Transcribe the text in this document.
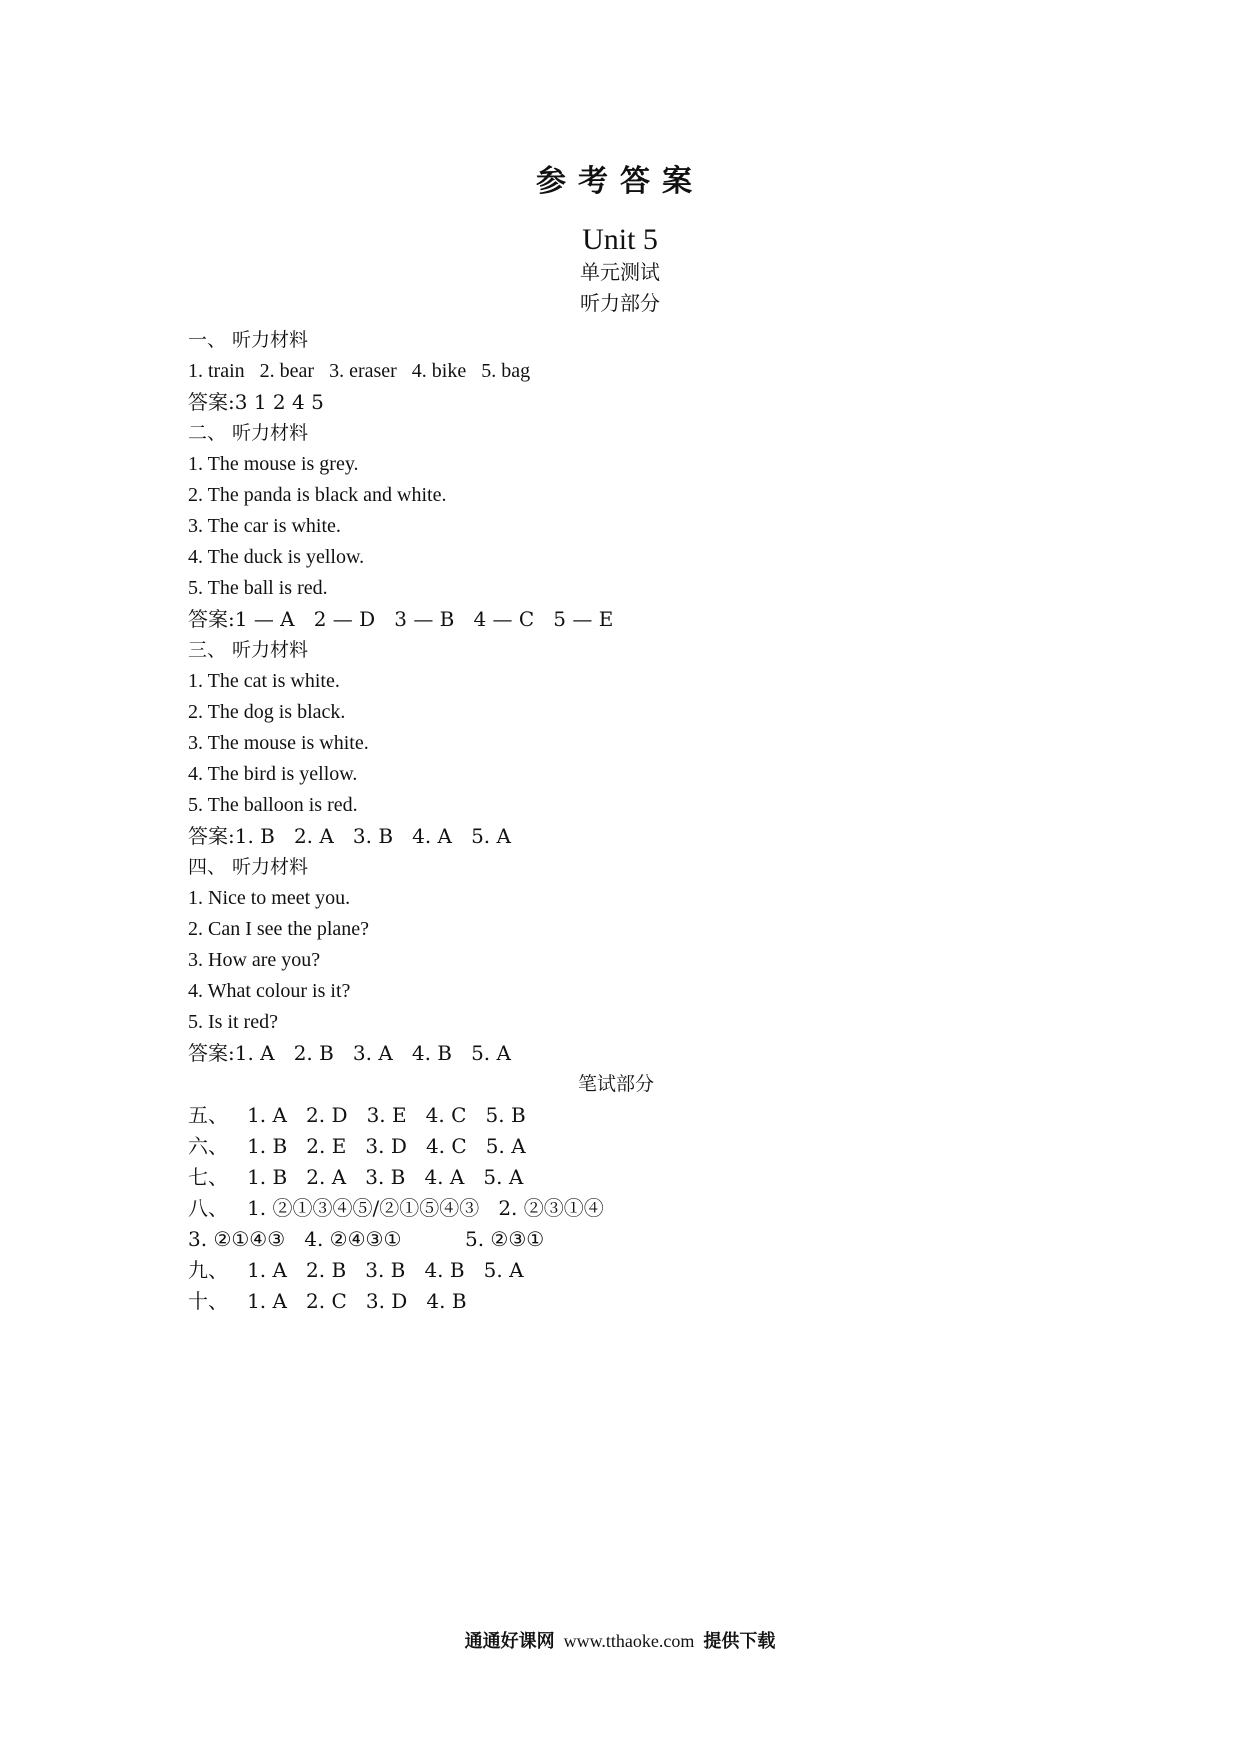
参考答案
Unit 5
单元测试
听力部分
一、 听力材料
1. train   2. bear   3. eraser   4. bike   5. bag
答案:3 1 2 4 5
二、 听力材料
1. The mouse is grey.
2. The panda is black and white.
3. The car is white.
4. The duck is yellow.
5. The ball is red.
答案:1 — A   2 — D   3 — B   4 — C   5 — E
三、 听力材料
1. The cat is white.
2. The dog is black.
3. The mouse is white.
4. The bird is yellow.
5. The balloon is red.
答案:1. B   2. A   3. B   4. A   5. A
四、 听力材料
1. Nice to meet you.
2. Can I see the plane?
3. How are you?
4. What colour is it?
5. Is it red?
答案:1. A   2. B   3. A   4. B   5. A
笔试部分
五、   1. A   2. D   3. E   4. C   5. B
六、   1. B   2. E   3. D   4. C   5. A
七、   1. B   2. A   3. B   4. A   5. A
八、   1. ②①③④⑤/②①⑤④③   2. ②③①④
3. ②①④③   4. ②④③①          5. ②③①
九、   1. A   2. B   3. B   4. B   5. A
十、   1. A   2. C   3. D   4. B
通通好课网 www.tthaoke.com 提供下载
